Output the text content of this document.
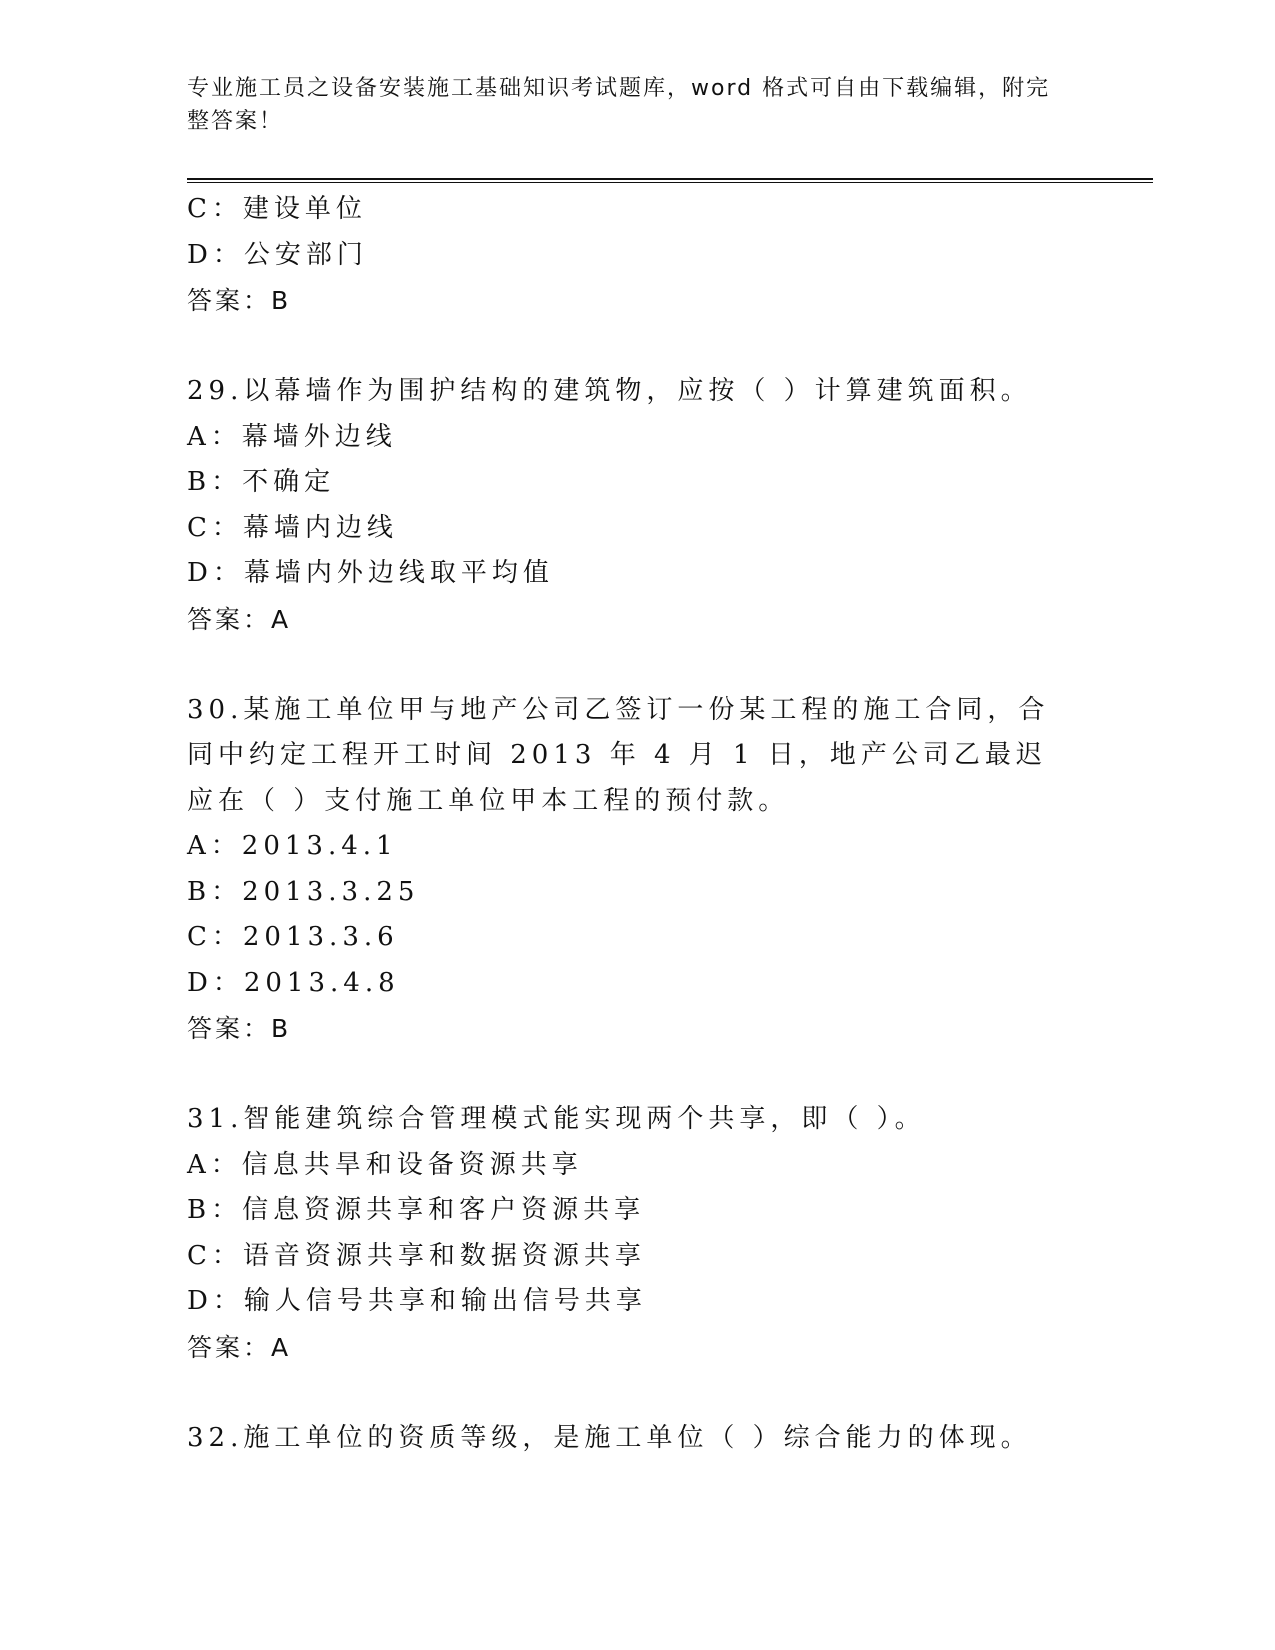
专业施工员之设备安装施工基础知识考试题库，word 格式可自由下载编辑，附完整答案！
C：建设单位
D：公安部门
答案：B
29.以幕墙作为围护结构的建筑物，应按（ ）计算建筑面积。
A：幕墙外边线
B：不确定
C：幕墙内边线
D：幕墙内外边线取平均值
答案：A
30.某施工单位甲与地产公司乙签订一份某工程的施工合同，合同中约定工程开工时间 2013 年 4 月 1 日，地产公司乙最迟应在（ ）支付施工单位甲本工程的预付款。
A：2013.4.1
B：2013.3.25
C：2013.3.6
D：2013.4.8
答案：B
31.智能建筑综合管理模式能实现两个共享，即（ ）。
A：信息共旱和设备资源共享
B：信息资源共享和客户资源共享
C：语音资源共享和数据资源共享
D：输人信号共享和输出信号共享
答案：A
32.施工单位的资质等级，是施工单位（ ）综合能力的体现。
